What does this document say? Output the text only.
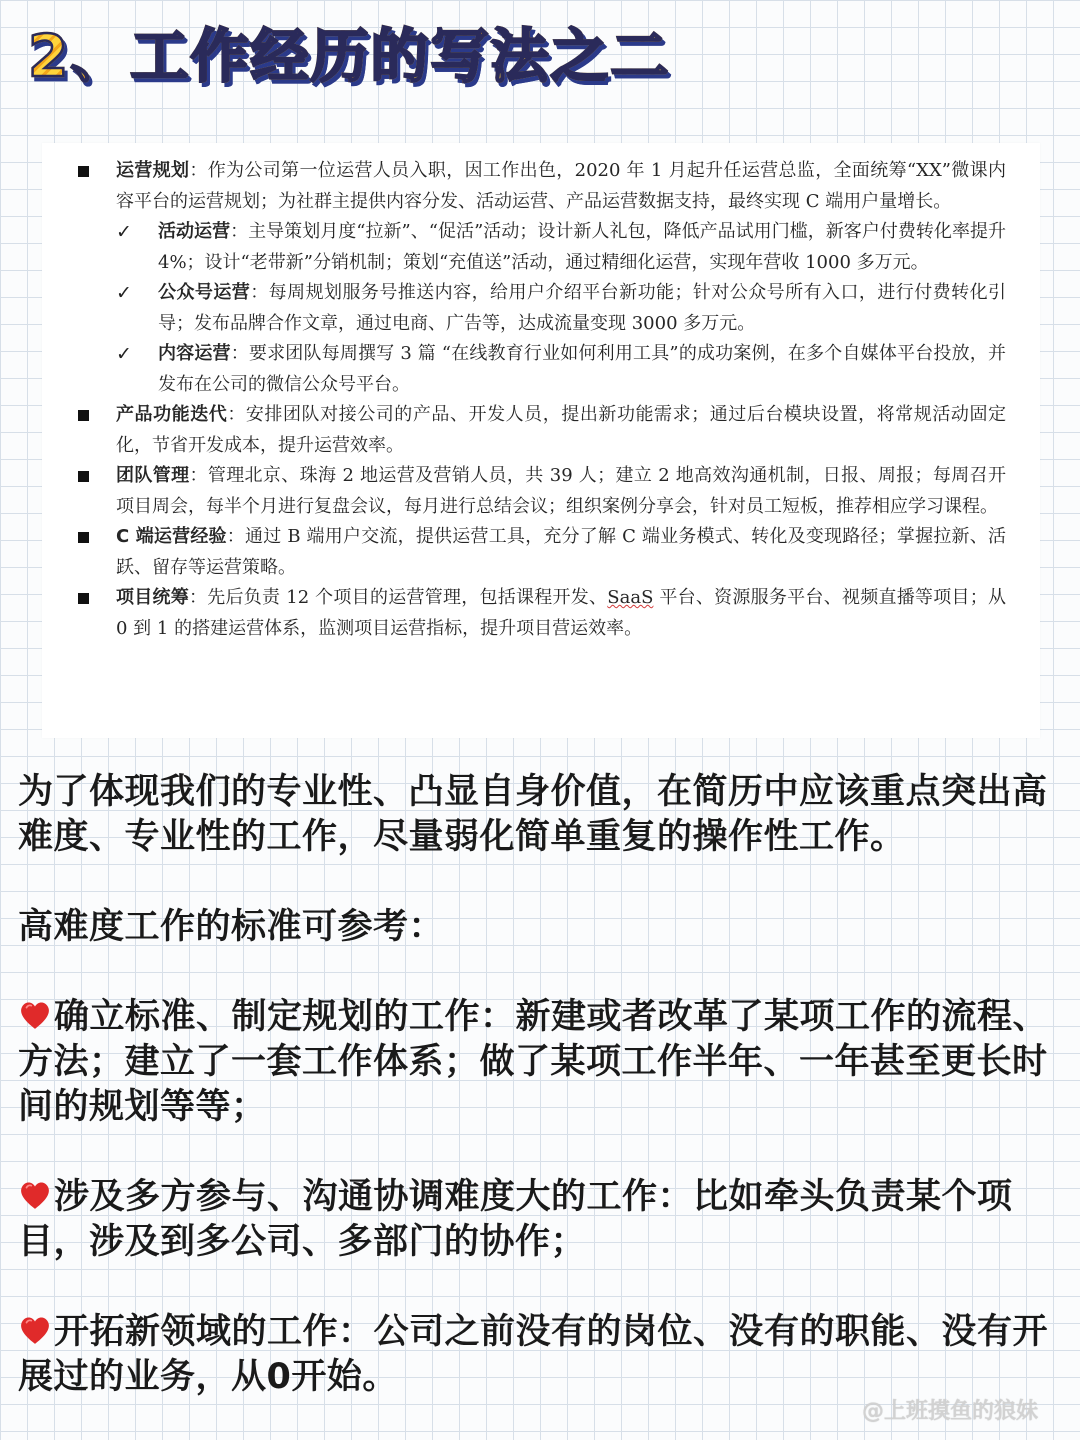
2、工作经历的写法之二
运营规划：作为公司第一位运营人员入职，因工作出色，2020 年 1 月起升任运营总监，全面统筹“XX”微课内容平台的运营规划；为社群主提供内容分发、活动运营、产品运营数据支持，最终实现 C 端用户量增长。
✓ 活动运营：主导策划月度“拉新”、“促活”活动；设计新人礼包，降低产品试用门槛，新客户付费转化率提升 4%；设计“老带新”分销机制；策划“充值送”活动，通过精细化运营，实现年营收 1000 多万元。
✓ 公众号运营：每周规划服务号推送内容，给用户介绍平台新功能；针对公众号所有入口，进行付费转化引导；发布品牌合作文章，通过电商、广告等，达成流量变现 3000 多万元。
✓ 内容运营：要求团队每周撰写 3 篇 “在线教育行业如何利用工具”的成功案例，在多个自媒体平台投放，并发布在公司的微信公众号平台。
产品功能迭代：安排团队对接公司的产品、开发人员，提出新功能需求；通过后台模块设置，将常规活动固定化，节省开发成本，提升运营效率。
团队管理：管理北京、珠海 2 地运营及营销人员，共 39 人；建立 2 地高效沟通机制，日报、周报；每周召开项目周会，每半个月进行复盘会议，每月进行总结会议；组织案例分享会，针对员工短板，推荐相应学习课程。
C 端运营经验：通过 B 端用户交流，提供运营工具，充分了解 C 端业务模式、转化及变现路径；掌握拉新、活跃、留存等运营策略。
项目统筹：先后负责 12 个项目的运营管理，包括课程开发、SaaS 平台、资源服务平台、视频直播等项目；从 0 到 1 的搭建运营体系，监测项目运营指标，提升项目营运效率。

为了体现我们的专业性、凸显自身价值，在简历中应该重点突出高难度、专业性的工作，尽量弱化简单重复的操作性工作。

高难度工作的标准可参考：

确立标准、制定规划的工作：新建或者改革了某项工作的流程、方法；建立了一套工作体系；做了某项工作半年、一年甚至更长时间的规划等等；

涉及多方参与、沟通协调难度大的工作：比如牵头负责某个项目，涉及到多公司、多部门的协作；

开拓新领域的工作：公司之前没有的岗位、没有的职能、没有开展过的业务，从0开始。

@上班摸鱼的狼妹
